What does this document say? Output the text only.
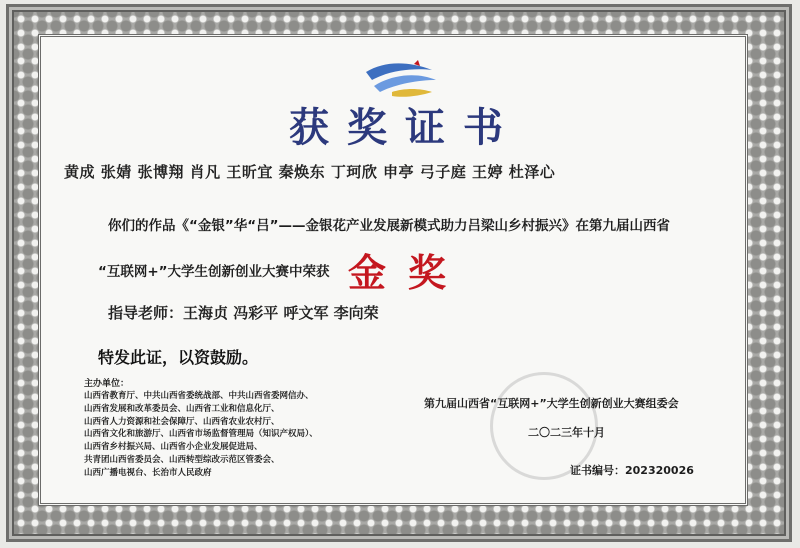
获奖证书
黄成 张婧 张博翔 肖凡 王昕宜 秦焕东 丁珂欣 申亭 弓子庭 王婷 杜泽心
你们的作品《“金银”华“吕”——金银花产业发展新模式助力吕梁山乡村振兴》在第九届山西省
“互联网+”大学生创新创业大赛中荣获 金奖
指导老师：王海贞 冯彩平 呼文军 李向荣
特发此证，以资鼓励。
主办单位：
山西省教育厅、中共山西省委统战部、中共山西省委网信办、
山西省发展和改革委员会、山西省工业和信息化厅、
山西省人力资源和社会保障厅、山西省农业农村厅、
山西省文化和旅游厅、山西省市场监督管理局（知识产权局）、
山西省乡村振兴局、山西省小企业发展促进局、
共青团山西省委员会、山西转型综改示范区管委会、
山西广播电视台、长治市人民政府
第九届山西省“互联网+”大学生创新创业大赛组委会
二〇二三年十月
证书编号：202320026
